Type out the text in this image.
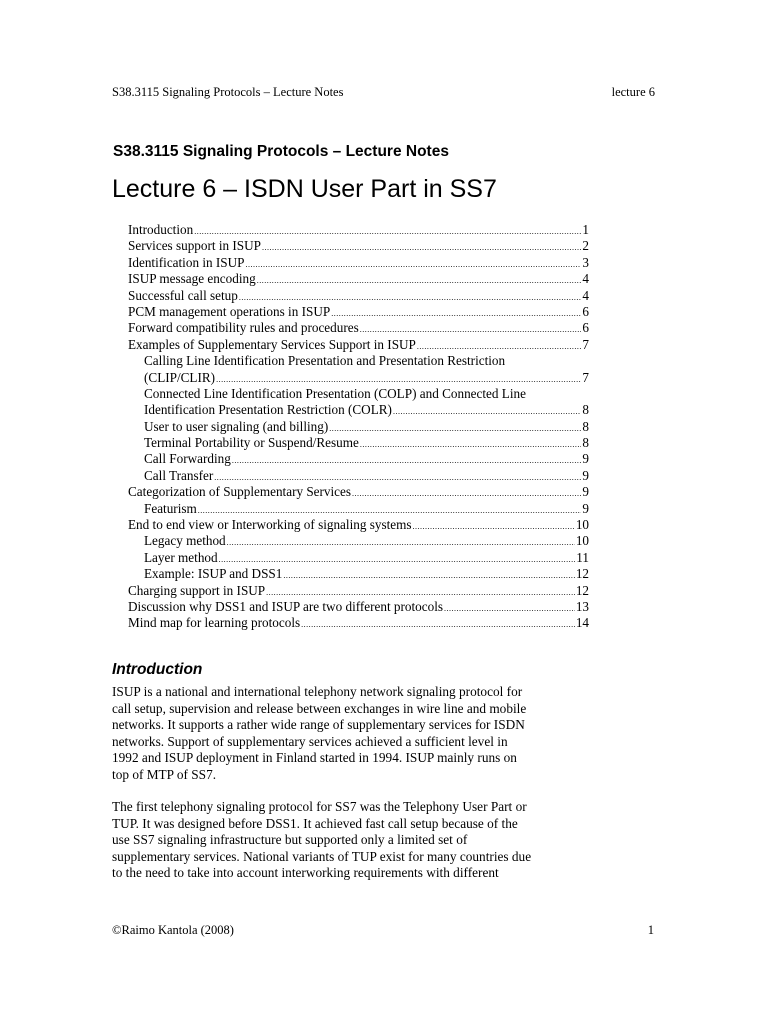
S38.3115 Signaling Protocols – Lecture Notes	lecture 6
S38.3115 Signaling Protocols – Lecture Notes
Lecture 6 – ISDN User Part in SS7
Introduction .....	1
Services support in ISUP .....	2
Identification in ISUP .....	3
ISUP message encoding .....	4
Successful call setup .....	4
PCM management operations in ISUP .....	6
Forward compatibility rules and procedures .....	6
Examples of Supplementary Services Support in ISUP .....	7
Calling Line Identification Presentation and Presentation Restriction
(CLIP/CLIR) .....	7
Connected Line Identification Presentation (COLP) and Connected Line
Identification Presentation Restriction (COLR) .....	8
User to user signaling (and billing) .....	8
Terminal Portability or Suspend/Resume .....	8
Call Forwarding .....	9
Call Transfer .....	9
Categorization of Supplementary Services .....	9
Featurism .....	9
End to end view or Interworking of signaling systems .....	10
Legacy method .....	10
Layer method .....	11
Example: ISUP and DSS1 .....	12
Charging support in ISUP .....	12
Discussion why DSS1 and ISUP are two different protocols .....	13
Mind map for learning protocols .....	14
Introduction

ISUP is a national and international telephony network signaling protocol for
call setup, supervision and release between exchanges in wire line and mobile
networks. It supports a rather wide range of supplementary services for ISDN
networks. Support of supplementary services achieved a sufficient level in
1992 and ISUP deployment in Finland started in 1994. ISUP mainly runs on
top of MTP of SS7.

The first telephony signaling protocol for SS7 was the Telephony User Part or
TUP. It was designed before DSS1. It achieved fast call setup because of the
use SS7 signaling infrastructure but supported only a limited set of
supplementary services. National variants of TUP exist for many countries due
to the need to take into account interworking requirements with different

©Raimo Kantola (2008)	1
